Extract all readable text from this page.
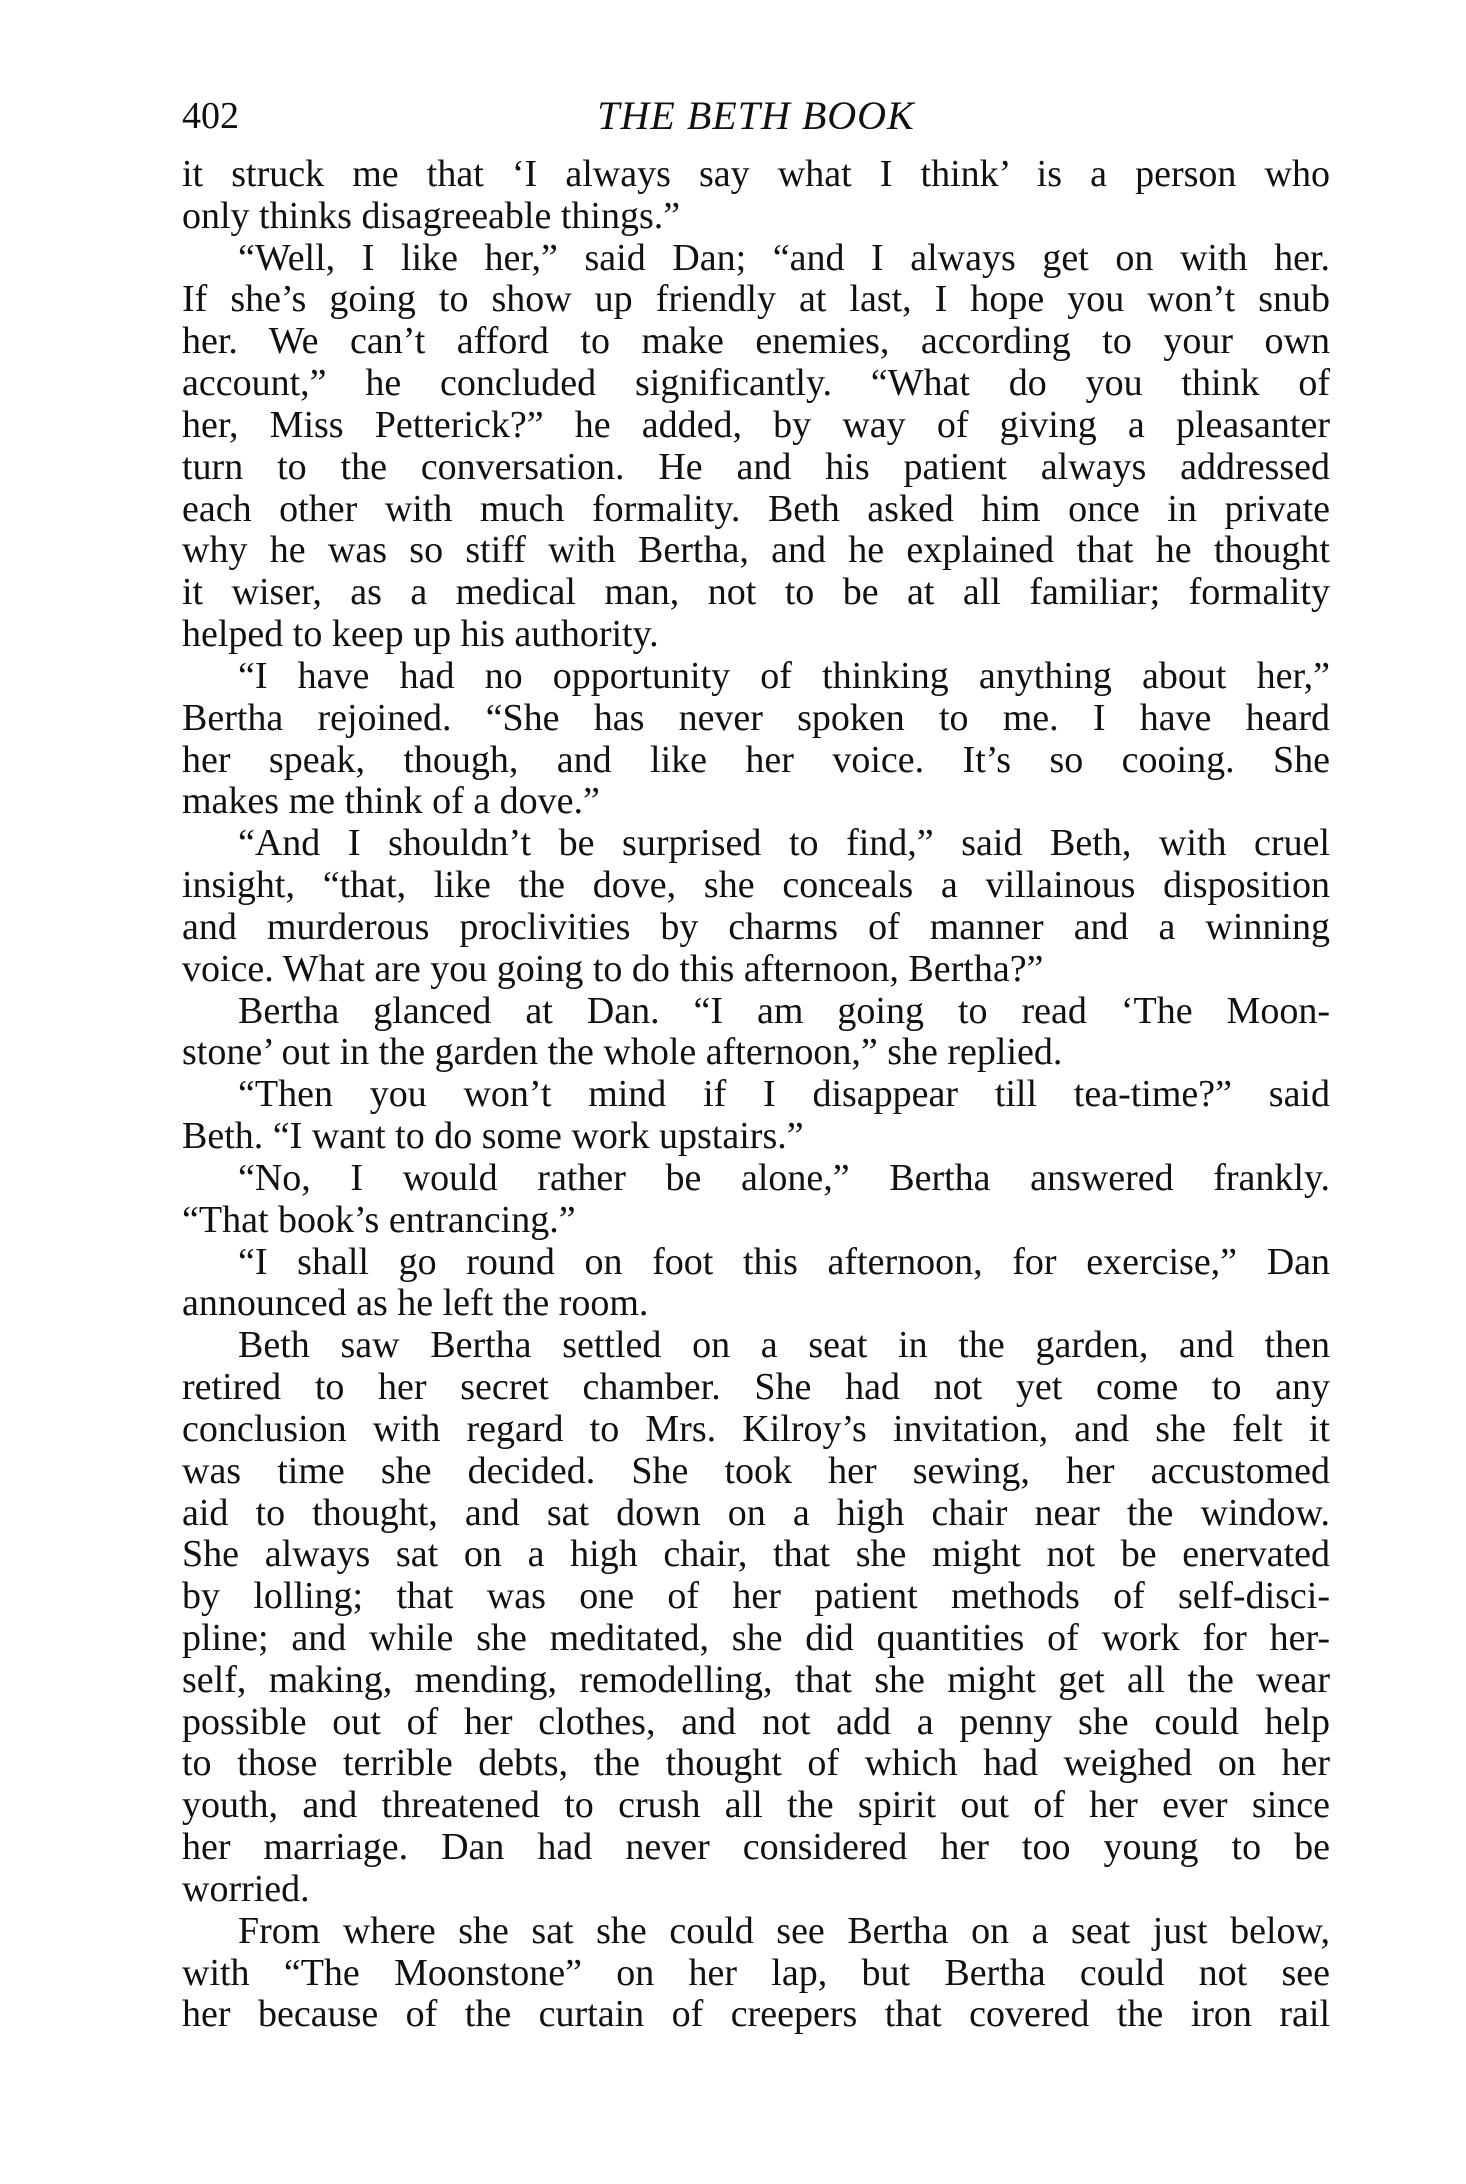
402	THE BETH BOOK
it struck me that ‘I always say what I think’ is a person who
only thinks disagreeable things.”
“Well, I like her,” said Dan; “and I always get on with her.
If she’s going to show up friendly at last, I hope you won’t snub
her. We can’t afford to make enemies, according to your own
account,” he concluded significantly. “What do you think of
her, Miss Petterick?” he added, by way of giving a pleasanter
turn to the conversation. He and his patient always addressed
each other with much formality. Beth asked him once in private
why he was so stiff with Bertha, and he explained that he thought
it wiser, as a medical man, not to be at all familiar; formality
helped to keep up his authority.
“I have had no opportunity of thinking anything about her,”
Bertha rejoined. “She has never spoken to me. I have heard
her speak, though, and like her voice. It’s so cooing. She
makes me think of a dove.”
“And I shouldn’t be surprised to find,” said Beth, with cruel
insight, “that, like the dove, she conceals a villainous disposition
and murderous proclivities by charms of manner and a winning
voice. What are you going to do this afternoon, Bertha?”
Bertha glanced at Dan. “I am going to read ‘The Moon-
stone’ out in the garden the whole afternoon,” she replied.
“Then you won’t mind if I disappear till tea-time?” said
Beth. “I want to do some work upstairs.”
“No, I would rather be alone,” Bertha answered frankly.
“That book’s entrancing.”
“I shall go round on foot this afternoon, for exercise,” Dan
announced as he left the room.
Beth saw Bertha settled on a seat in the garden, and then
retired to her secret chamber. She had not yet come to any
conclusion with regard to Mrs. Kilroy’s invitation, and she felt it
was time she decided. She took her sewing, her accustomed
aid to thought, and sat down on a high chair near the window.
She always sat on a high chair, that she might not be enervated
by lolling; that was one of her patient methods of self-disci-
pline; and while she meditated, she did quantities of work for her-
self, making, mending, remodelling, that she might get all the wear
possible out of her clothes, and not add a penny she could help
to those terrible debts, the thought of which had weighed on her
youth, and threatened to crush all the spirit out of her ever since
her marriage. Dan had never considered her too young to be
worried.
From where she sat she could see Bertha on a seat just below,
with “The Moonstone” on her lap, but Bertha could not see
her because of the curtain of creepers that covered the iron rail
